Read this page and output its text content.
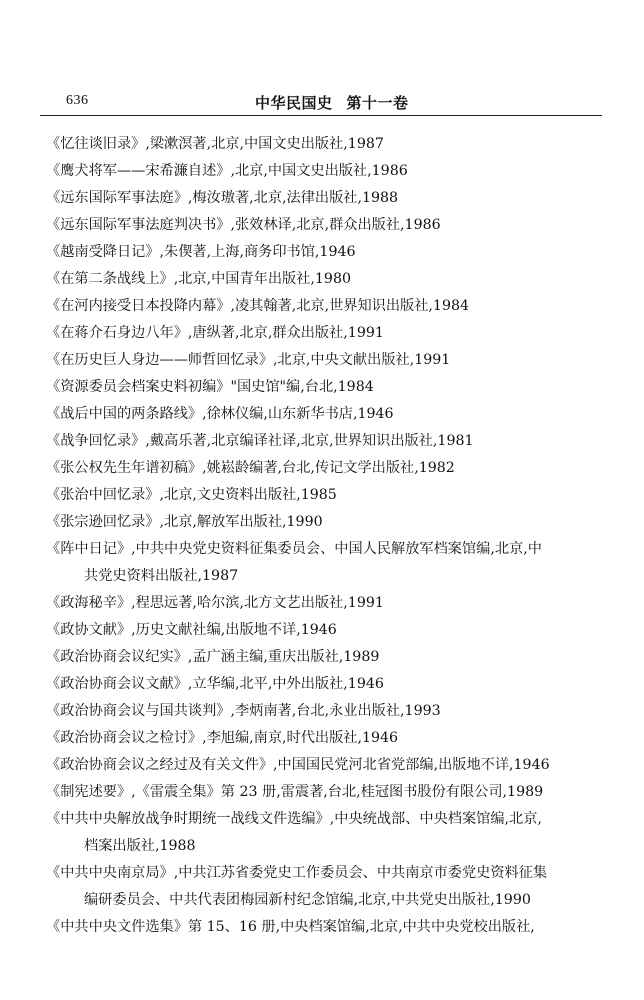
636	中华民国史 第十一卷
《忆往谈旧录》,梁漱溟著,北京,中国文史出版社,1987
《鹰犬将军——宋希濂自述》,北京,中国文史出版社,1986
《远东国际军事法庭》,梅汝璈著,北京,法律出版社,1988
《远东国际军事法庭判决书》,张效林译,北京,群众出版社,1986
《越南受降日记》,朱偰著,上海,商务印书馆,1946
《在第二条战线上》,北京,中国青年出版社,1980
《在河内接受日本投降内幕》,凌其翰著,北京,世界知识出版社,1984
《在蒋介石身边八年》,唐纵著,北京,群众出版社,1991
《在历史巨人身边——师哲回忆录》,北京,中央文献出版社,1991
《资源委员会档案史料初编》"国史馆"编,台北,1984
《战后中国的两条路线》,徐林仪编,山东新华书店,1946
《战争回忆录》,戴高乐著,北京编译社译,北京,世界知识出版社,1981
《张公权先生年谱初稿》,姚崧龄编著,台北,传记文学出版社,1982
《张治中回忆录》,北京,文史资料出版社,1985
《张宗逊回忆录》,北京,解放军出版社,1990
《阵中日记》,中共中央党史资料征集委员会、中国人民解放军档案馆编,北京,中
共党史资料出版社,1987
《政海秘辛》,程思远著,哈尔滨,北方文艺出版社,1991
《政协文献》,历史文献社编,出版地不详,1946
《政治协商会议纪实》,孟广涵主编,重庆出版社,1989
《政治协商会议文献》,立华编,北平,中外出版社,1946
《政治协商会议与国共谈判》,李炳南著,台北,永业出版社,1993
《政治协商会议之检讨》,李旭编,南京,时代出版社,1946
《政治协商会议之经过及有关文件》,中国国民党河北省党部编,出版地不详,1946
《制宪述要》,《雷震全集》第 23 册,雷震著,台北,桂冠图书股份有限公司,1989
《中共中央解放战争时期统一战线文件选编》,中央统战部、中央档案馆编,北京,
档案出版社,1988
《中共中央南京局》,中共江苏省委党史工作委员会、中共南京市委党史资料征集
编研委员会、中共代表团梅园新村纪念馆编,北京,中共党史出版社,1990
《中共中央文件选集》第 15、16 册,中央档案馆编,北京,中共中央党校出版社,
